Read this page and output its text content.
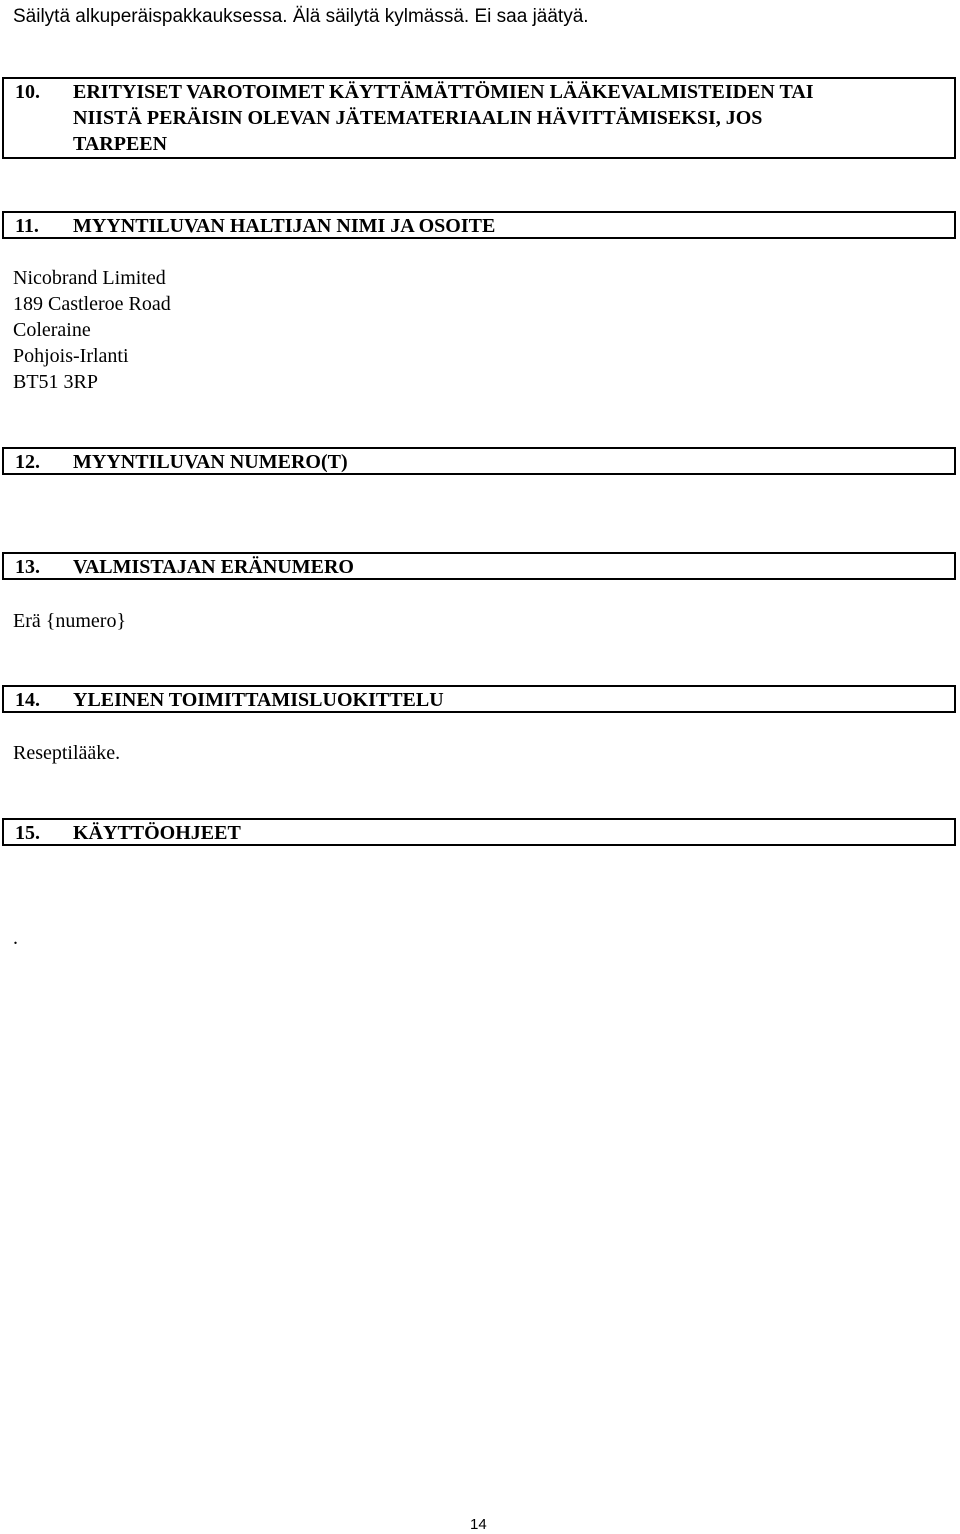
Säilytä alkuperäispakkauksessa. Älä säilytä kylmässä. Ei saa jäätyä.
10. ERITYISET VAROTOIMET KÄYTTÄMÄTTÖMIEN LÄÄKEVALMISTEIDEN TAI
NIISTÄ PERÄISIN OLEVAN JÄTEMATERIAALIN HÄVITTÄMISEKSI, JOS
TARPEEN
11. MYYNTILUVAN HALTIJAN NIMI JA OSOITE
Nicobrand Limited
189 Castleroe Road
Coleraine
Pohjois-Irlanti
BT51 3RP
12. MYYNTILUVAN NUMERO(T)
13. VALMISTAJAN ERÄNUMERO
Erä {numero}
14. YLEINEN TOIMITTAMISLUOKITTELU
Reseptilääke.
15. KÄYTTÖOHJEET
.
14
